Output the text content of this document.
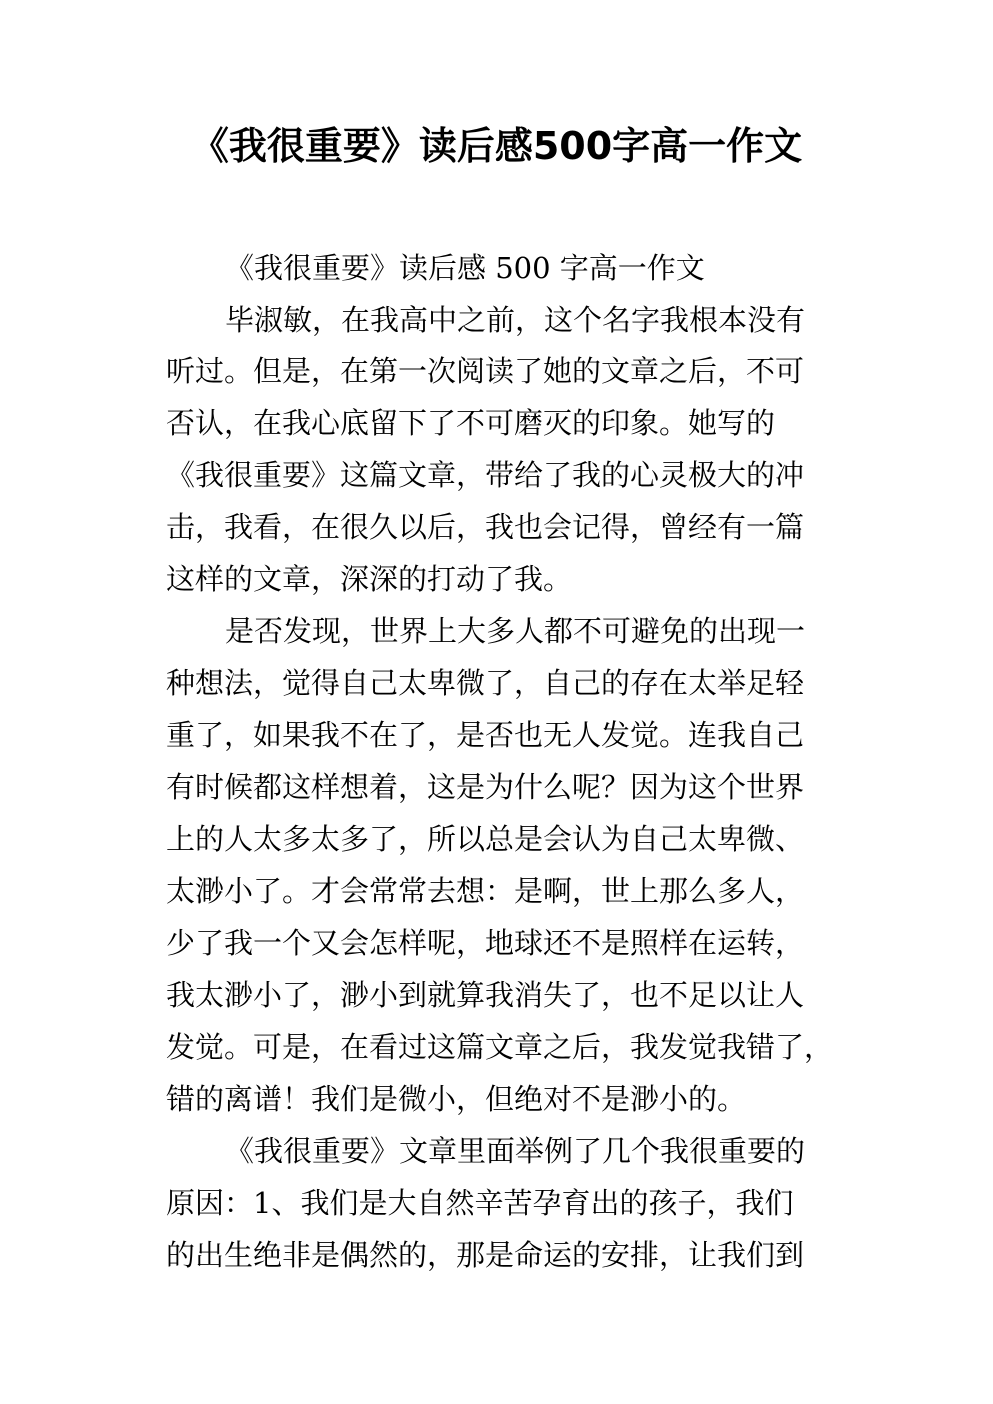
《我很重要》读后感500字高一作文

《我很重要》读后感 500 字高一作文

毕淑敏，在我高中之前，这个名字我根本没有

听过。但是，在第一次阅读了她的文章之后，不可

否认，在我心底留下了不可磨灭的印象。她写的

《我很重要》这篇文章，带给了我的心灵极大的冲

击，我看，在很久以后，我也会记得，曾经有一篇

这样的文章，深深的打动了我。

是否发现，世界上大多人都不可避免的出现一

种想法，觉得自己太卑微了，自己的存在太举足轻

重了，如果我不在了，是否也无人发觉。连我自己

有时候都这样想着，这是为什么呢？因为这个世界

上的人太多太多了，所以总是会认为自己太卑微、

太渺小了。才会常常去想：是啊，世上那么多人，

少了我一个又会怎样呢，地球还不是照样在运转，

我太渺小了，渺小到就算我消失了，也不足以让人

发觉。可是，在看过这篇文章之后，我发觉我错了，

错的离谱！我们是微小，但绝对不是渺小的。

《我很重要》文章里面举例了几个我很重要的

原因：1、我们是大自然辛苦孕育出的孩子，我们

的出生绝非是偶然的，那是命运的安排，让我们到
